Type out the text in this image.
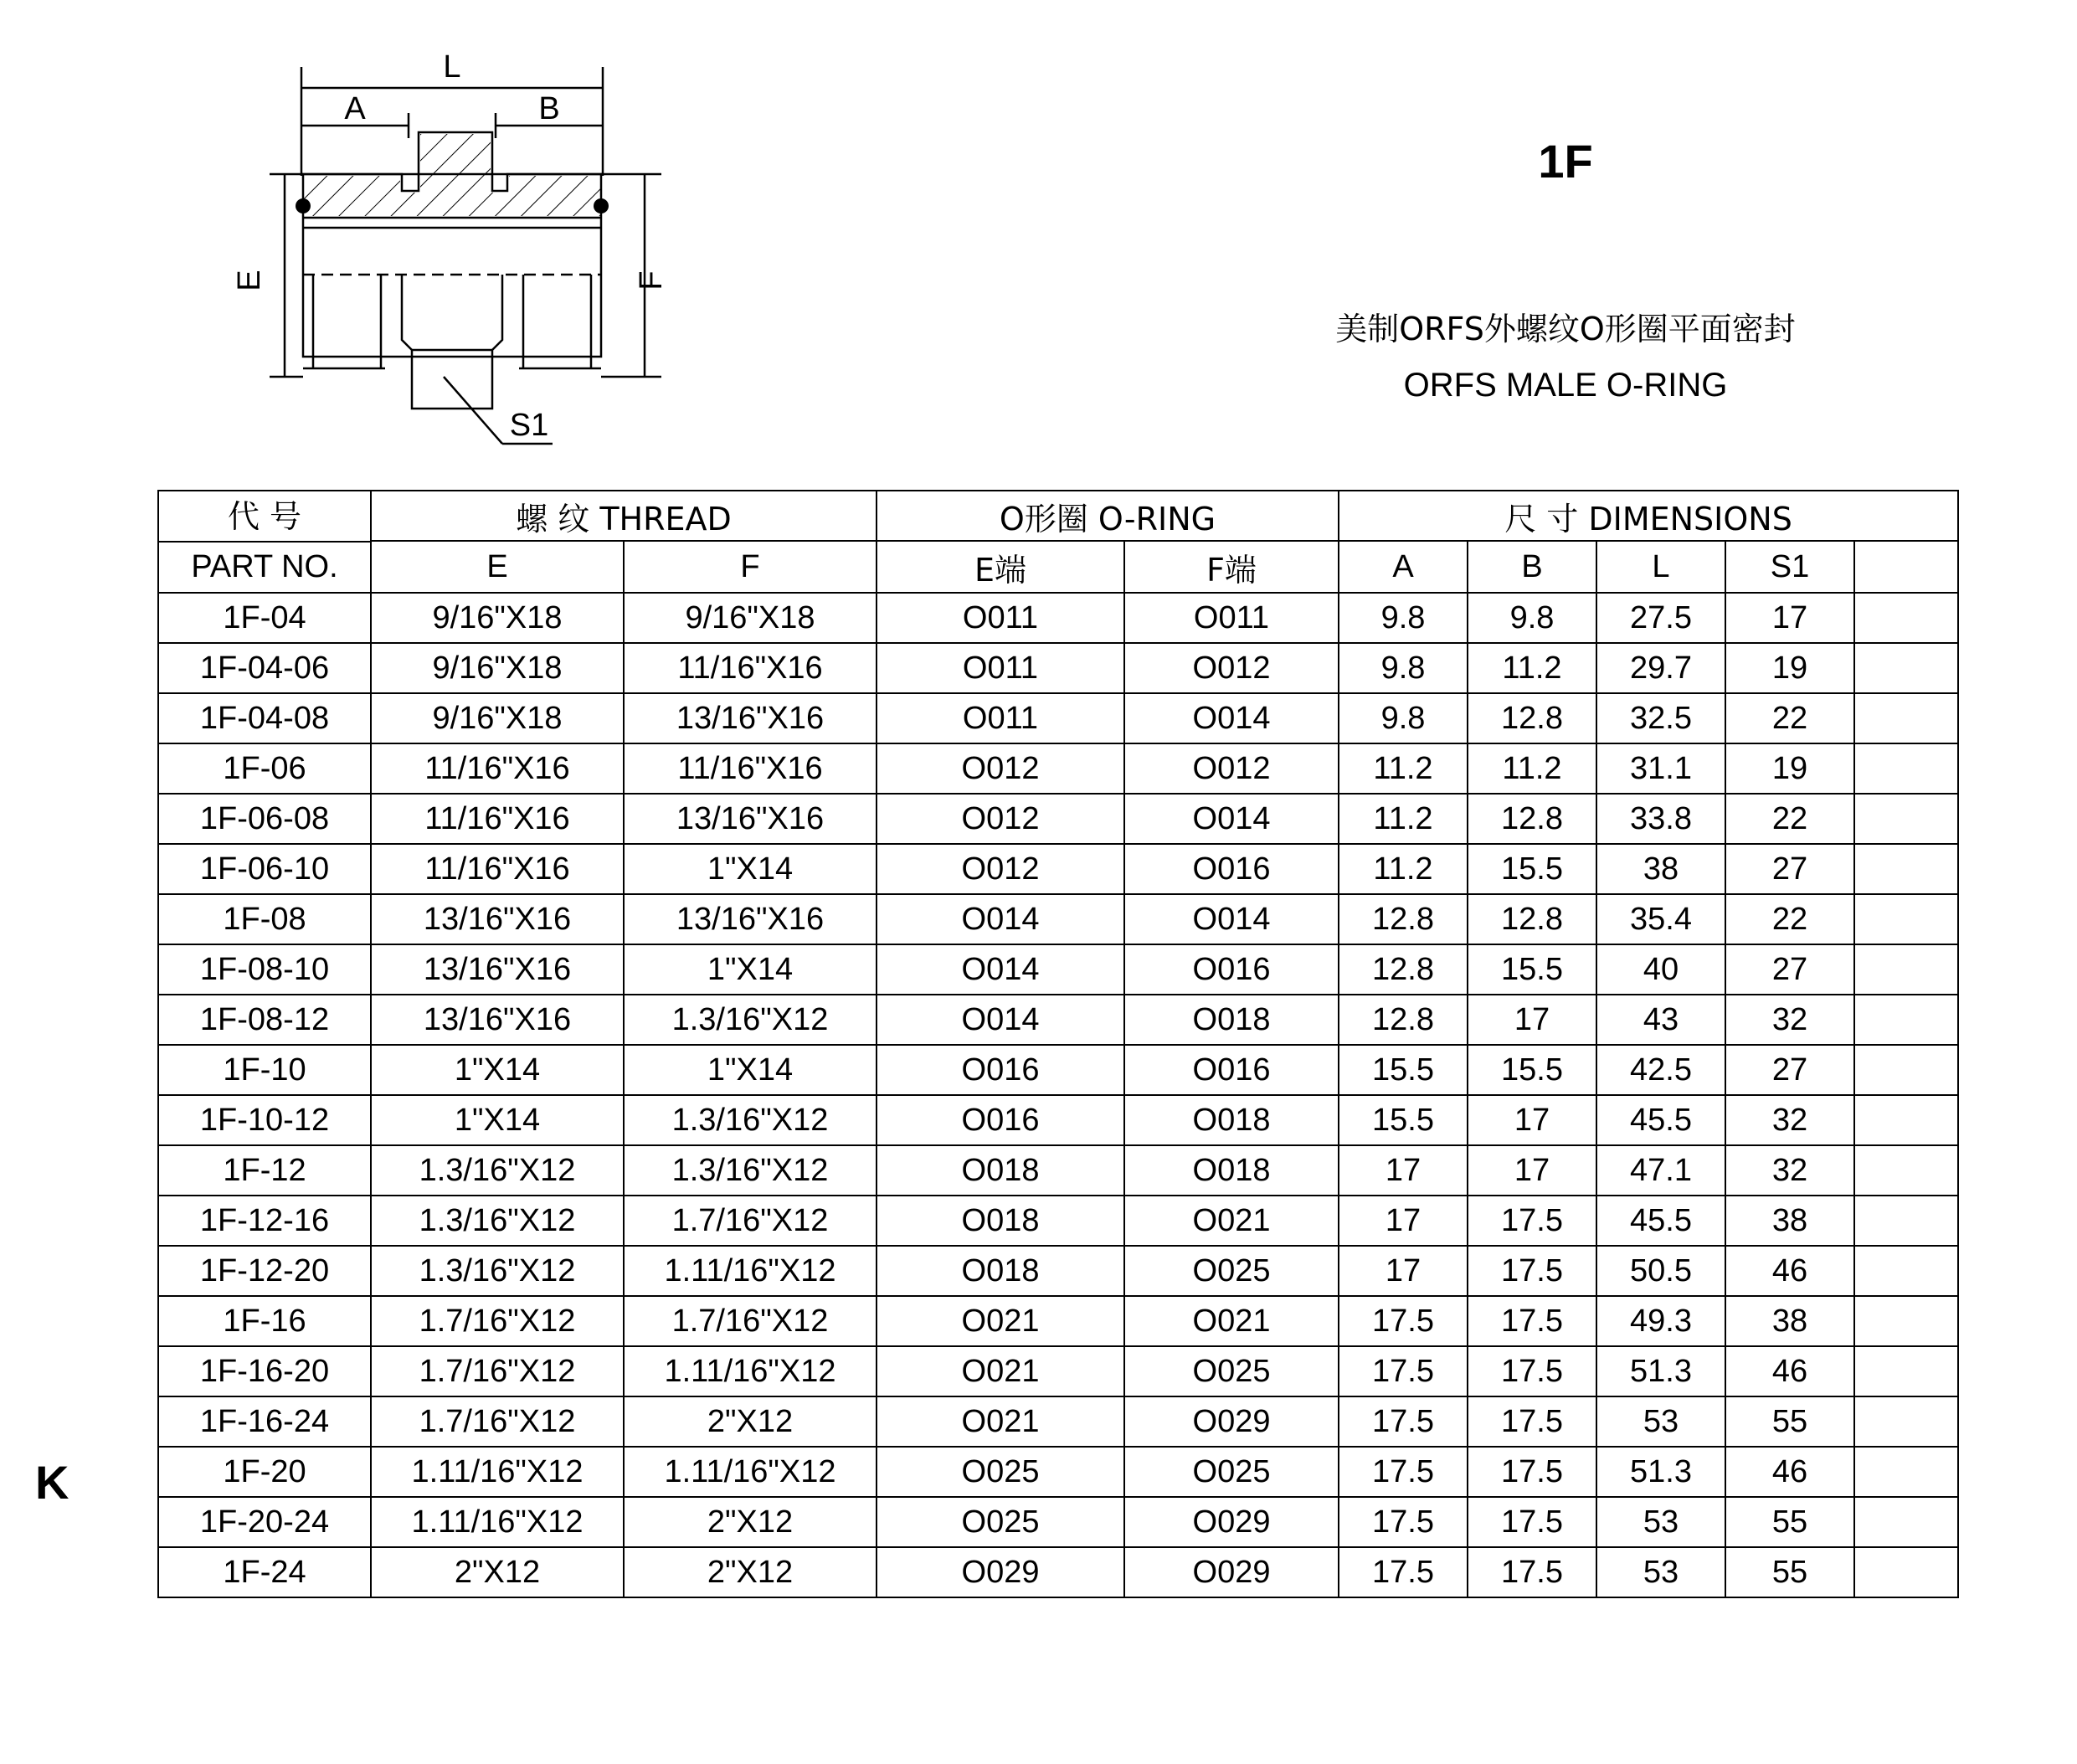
L
A	B
E	F
S1
1F
美制ORFS外螺纹O形圈平面密封
ORFS MALE O-RING
K
代 号
PART NO.	螺 纹 THREAD		O形圈 O-RING		尺 寸 DIMENSIONS				
	E	F	E端	F端	A	B	L	S1	
1F-04	9/16"X18	9/16"X18	O011	O011	9.8	9.8	27.5	17	
1F-04-06	9/16"X18	11/16"X16	O011	O012	9.8	11.2	29.7	19	
1F-04-08	9/16"X18	13/16"X16	O011	O014	9.8	12.8	32.5	22	
1F-06	11/16"X16	11/16"X16	O012	O012	11.2	11.2	31.1	19	
1F-06-08	11/16"X16	13/16"X16	O012	O014	11.2	12.8	33.8	22	
1F-06-10	11/16"X16	1"X14	O012	O016	11.2	15.5	38	27	
1F-08	13/16"X16	13/16"X16	O014	O014	12.8	12.8	35.4	22	
1F-08-10	13/16"X16	1"X14	O014	O016	12.8	15.5	40	27	
1F-08-12	13/16"X16	1.3/16"X12	O014	O018	12.8	17	43	32	
1F-10	1"X14	1"X14	O016	O016	15.5	15.5	42.5	27	
1F-10-12	1"X14	1.3/16"X12	O016	O018	15.5	17	45.5	32	
1F-12	1.3/16"X12	1.3/16"X12	O018	O018	17	17	47.1	32	
1F-12-16	1.3/16"X12	1.7/16"X12	O018	O021	17	17.5	45.5	38	
1F-12-20	1.3/16"X12	1.11/16"X12	O018	O025	17	17.5	50.5	46	
1F-16	1.7/16"X12	1.7/16"X12	O021	O021	17.5	17.5	49.3	38	
1F-16-20	1.7/16"X12	1.11/16"X12	O021	O025	17.5	17.5	51.3	46	
1F-16-24	1.7/16"X12	2"X12	O021	O029	17.5	17.5	53	55	
1F-20	1.11/16"X12	1.11/16"X12	O025	O025	17.5	17.5	51.3	46	
1F-20-24	1.11/16"X12	2"X12	O025	O029	17.5	17.5	53	55	
1F-24	2"X12	2"X12	O029	O029	17.5	17.5	53	55	
